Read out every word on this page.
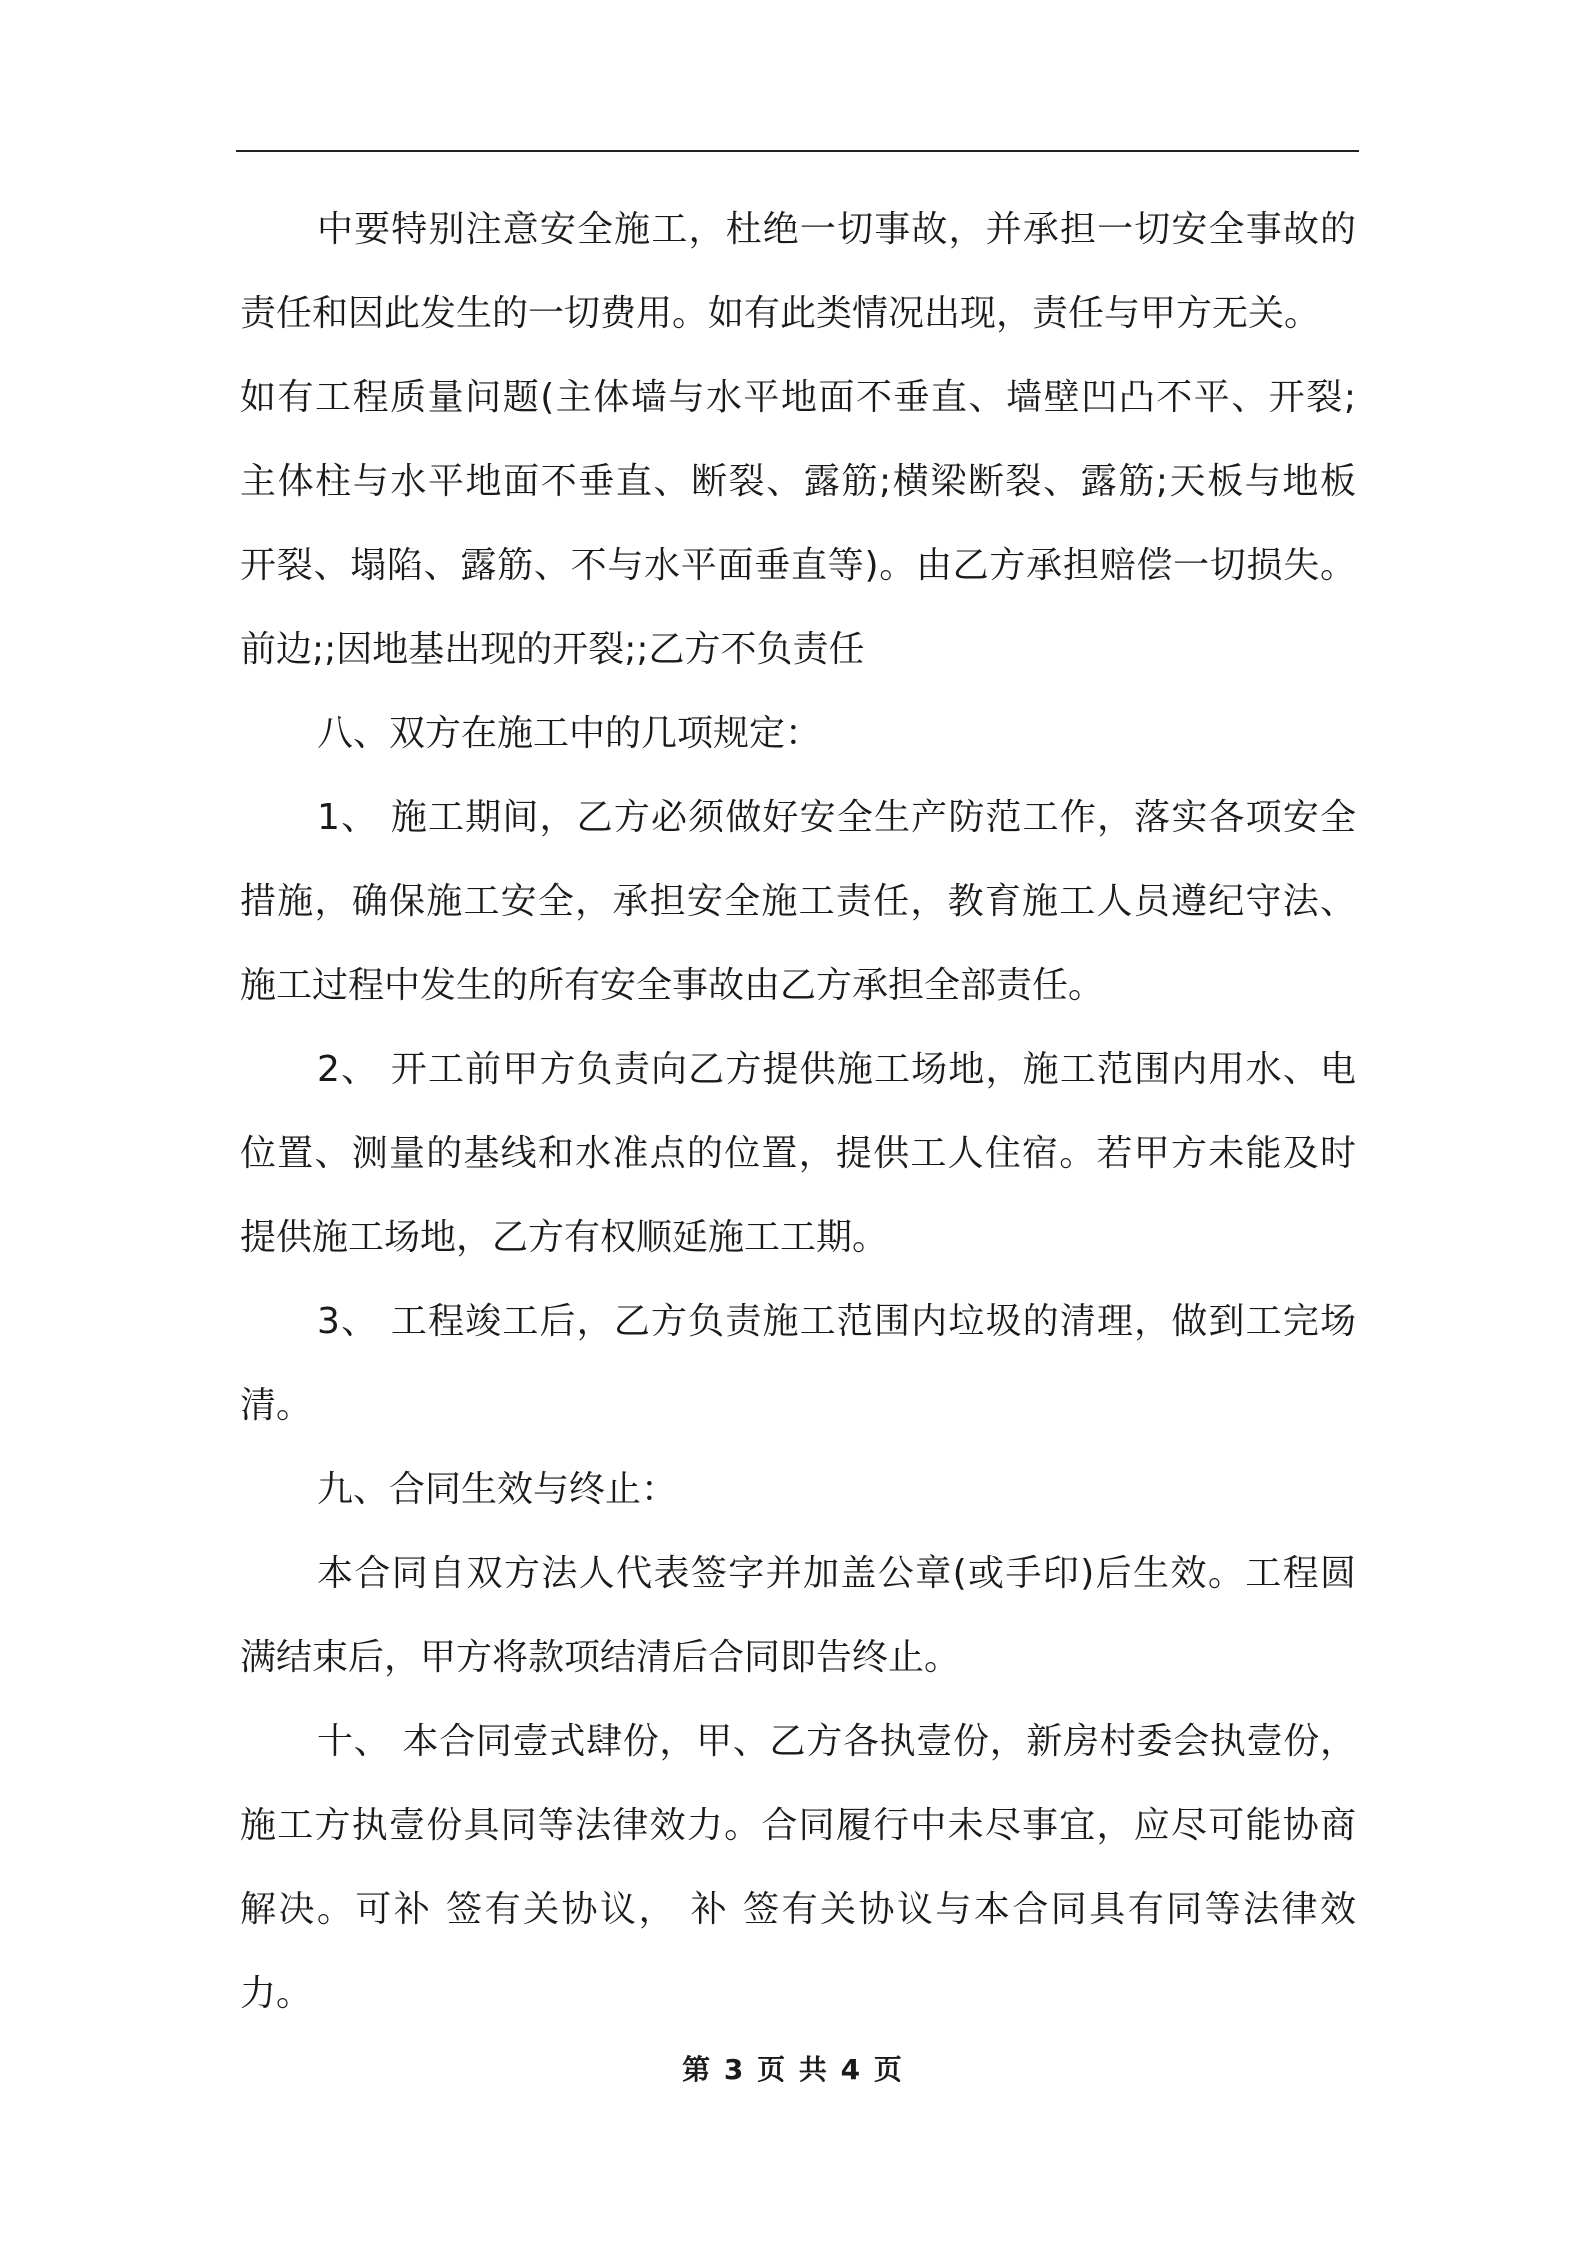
中要特别注意安全施工，杜绝一切事故，并承担一切安全事故的
责任和因此发生的一切费用。如有此类情况出现，责任与甲方无关。
如有工程质量问题(主体墙与水平地面不垂直、墙壁凹凸不平、开裂;
主体柱与水平地面不垂直、断裂、露筋;横梁断裂、露筋;天板与地板
开裂、塌陷、露筋、不与水平面垂直等)。由乙方承担赔偿一切损失。
前边;;因地基出现的开裂;;乙方不负责任
八、双方在施工中的几项规定：
1、 施工期间，乙方必须做好安全生产防范工作，落实各项安全
措施，确保施工安全，承担安全施工责任，教育施工人员遵纪守法、
施工过程中发生的所有安全事故由乙方承担全部责任。
2、 开工前甲方负责向乙方提供施工场地，施工范围内用水、电
位置、测量的基线和水准点的位置，提供工人住宿。若甲方未能及时
提供施工场地，乙方有权顺延施工工期。
3、 工程竣工后，乙方负责施工范围内垃圾的清理，做到工完场
清。
九、合同生效与终止：
本合同自双方法人代表签字并加盖公章(或手印)后生效。工程圆
满结束后，甲方将款项结清后合同即告终止。
十、 本合同壹式肆份，甲、乙方各执壹份，新房村委会执壹份，
施工方执壹份具同等法律效力。合同履行中未尽事宜，应尽可能协商
解决。可补 签有关协议， 补 签有关协议与本合同具有同等法律效
力。
第 3 页 共 4 页
